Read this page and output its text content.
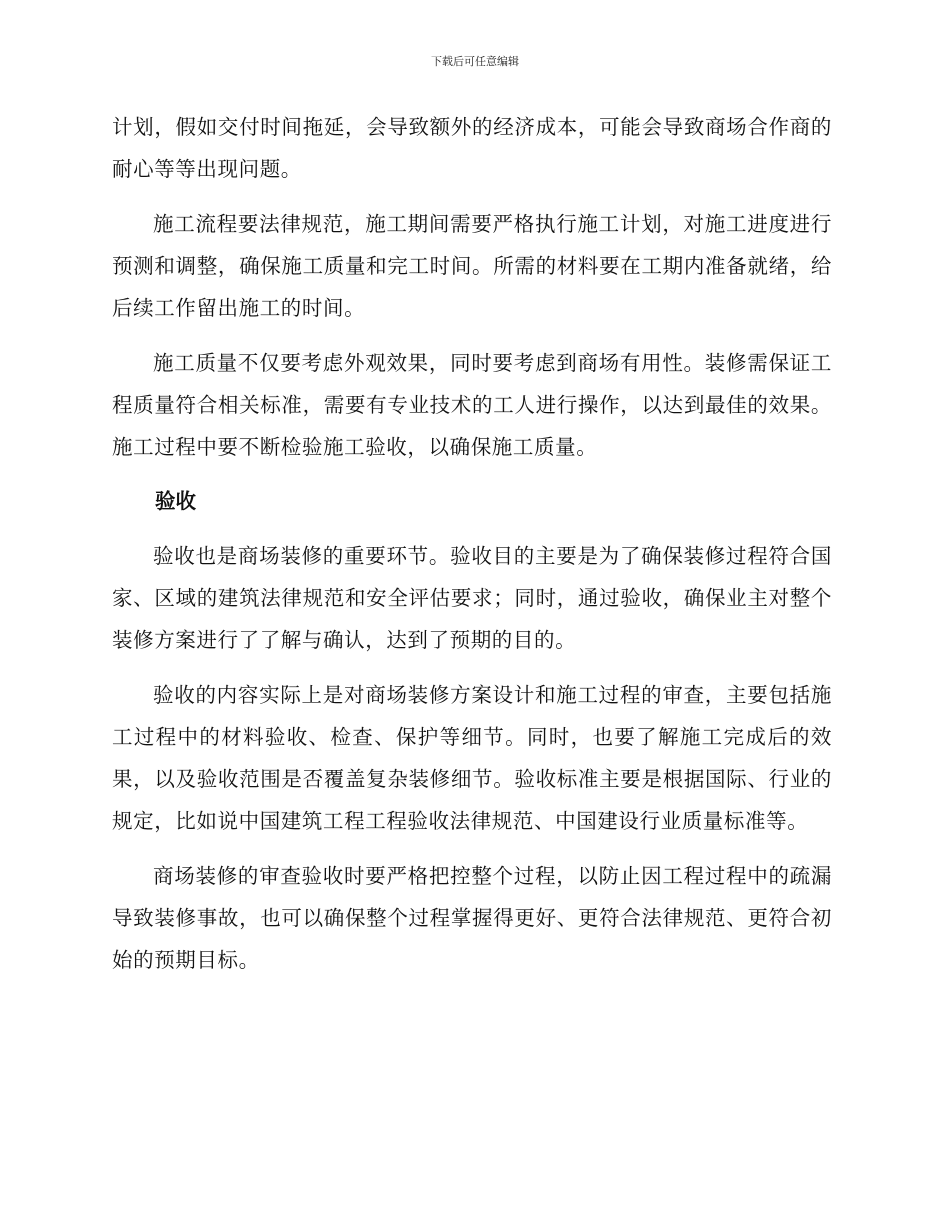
下载后可任意编辑

计划，假如交付时间拖延，会导致额外的经济成本，可能会导致商场合作商的耐心等等出现问题。

施工流程要法律规范，施工期间需要严格执行施工计划，对施工进度进行预测和调整，确保施工质量和完工时间。所需的材料要在工期内准备就绪，给后续工作留出施工的时间。

施工质量不仅要考虑外观效果，同时要考虑到商场有用性。装修需保证工程质量符合相关标准，需要有专业技术的工人进行操作，以达到最佳的效果。施工过程中要不断检验施工验收，以确保施工质量。

验收

验收也是商场装修的重要环节。验收目的主要是为了确保装修过程符合国家、区域的建筑法律规范和安全评估要求；同时，通过验收，确保业主对整个装修方案进行了了解与确认，达到了预期的目的。

验收的内容实际上是对商场装修方案设计和施工过程的审查，主要包括施工过程中的材料验收、检查、保护等细节。同时，也要了解施工完成后的效果，以及验收范围是否覆盖复杂装修细节。验收标准主要是根据国际、行业的规定，比如说中国建筑工程工程验收法律规范、中国建设行业质量标准等。

商场装修的审查验收时要严格把控整个过程，以防止因工程过程中的疏漏导致装修事故，也可以确保整个过程掌握得更好、更符合法律规范、更符合初始的预期目标。
